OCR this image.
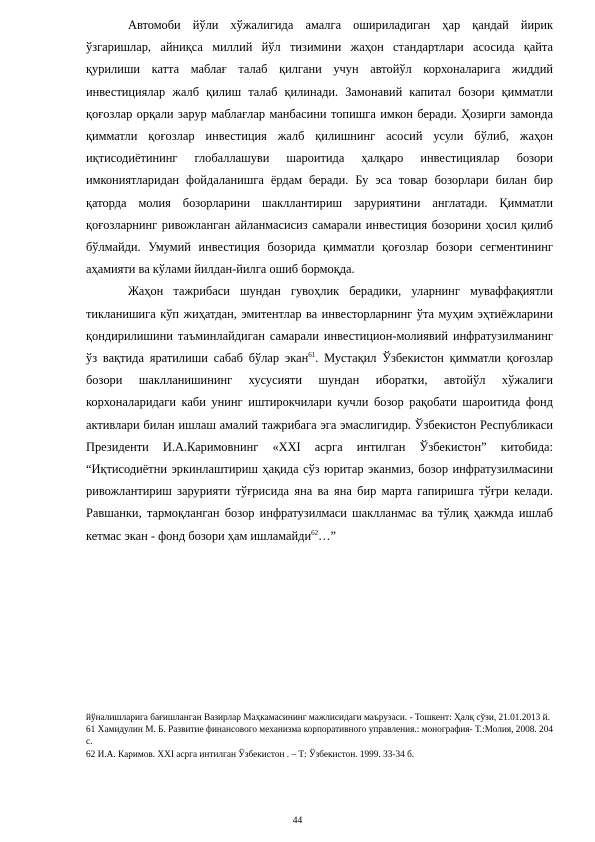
Автомоби йўли хўжалигида амалга ошириладиган ҳар қандай йирик ўзгаришлар, айниқса миллий йўл тизимини жаҳон стандартлари асосида қайта қурилиши катта маблағ талаб қилгани учун автойўл корхоналарига жиддий инвестициялар жалб қилиш талаб қилинади. Замонавий капитал бозори қимматли қоғозлар орқали зарур маблағлар манбасини топишга имкон беради. Ҳозирги замонда қимматли қоғозлар инвестиция жалб қилишнинг асосий усули бўлиб, жаҳон иқтисодиётининг глобаллашуви шароитида ҳалқаро инвестициялар бозори имкониятларидан фойдаланишга ёрдам беради. Бу эса товар бозорлари билан бир қаторда молия бозорларини шакллантириш заруриятини англатади. Қимматли қоғозларнинг ривожланган айланмасисиз самарали инвестиция бозорини ҳосил қилиб бўлмайди. Умумий инвестиция бозорида қимматли қоғозлар бозори сегментининг аҳамияти ва кўлами йилдан-йилга ошиб бормоқда.

Жаҳон тажрибаси шундан гувоҳлик берадики, уларнинг муваффақиятли тикланишига кўп жиҳатдан, эмитентлар ва инвесторларнинг ўта муҳим эҳтиёжларини қондирилишини таъминлайдиган самарали инвестицион-молиявий инфратузилманинг ўз вақтида яратилиши сабаб бўлар экан$^{61}$. Мустақил Ўзбекистон қимматли қоғозлар бозори шаклланишининг хусусияти шундан иборатки, автойўл хўжалиги корхоналаридаги каби унинг иштирокчилари кучли бозор рақобати шароитида фонд активлари билан ишлаш амалий тажрибага эга эмаслигидир. Ўзбекистон Республикаси Президенти И.А.Каримовнинг «XXI асрга интилган Ўзбекистон” китобида: “Иқтисодиётни эркинлаштириш ҳақида сўз юритар эканмиз, бозор инфратузилмасини ривожлантириш зарурияти тўғрисида яна ва яна бир марта гапиришга тўғри келади. Равшанки, тармоқланган бозор инфратузилмаси шаклланмас ва тўлиқ ҳажмда ишлаб кетмас экан - фонд бозори ҳам ишламайди$^{62}$…”

йўналишларига бағишланган Вазирлар Маҳкамасининг мажлисидаги маърузаси. - Тошкент: Ҳалқ сўзи, 21.01.2013 й.

61 Хамидулин М. Б. Развитие финансового механизма корпоративного управления.: монография- Т.:Молия, 2008. 204 с.

62 И.А. Каримов. XXI асрга интилган Ўзбекистон . – Т: Ўзбекистон. 1999. 33-34 б.

44
